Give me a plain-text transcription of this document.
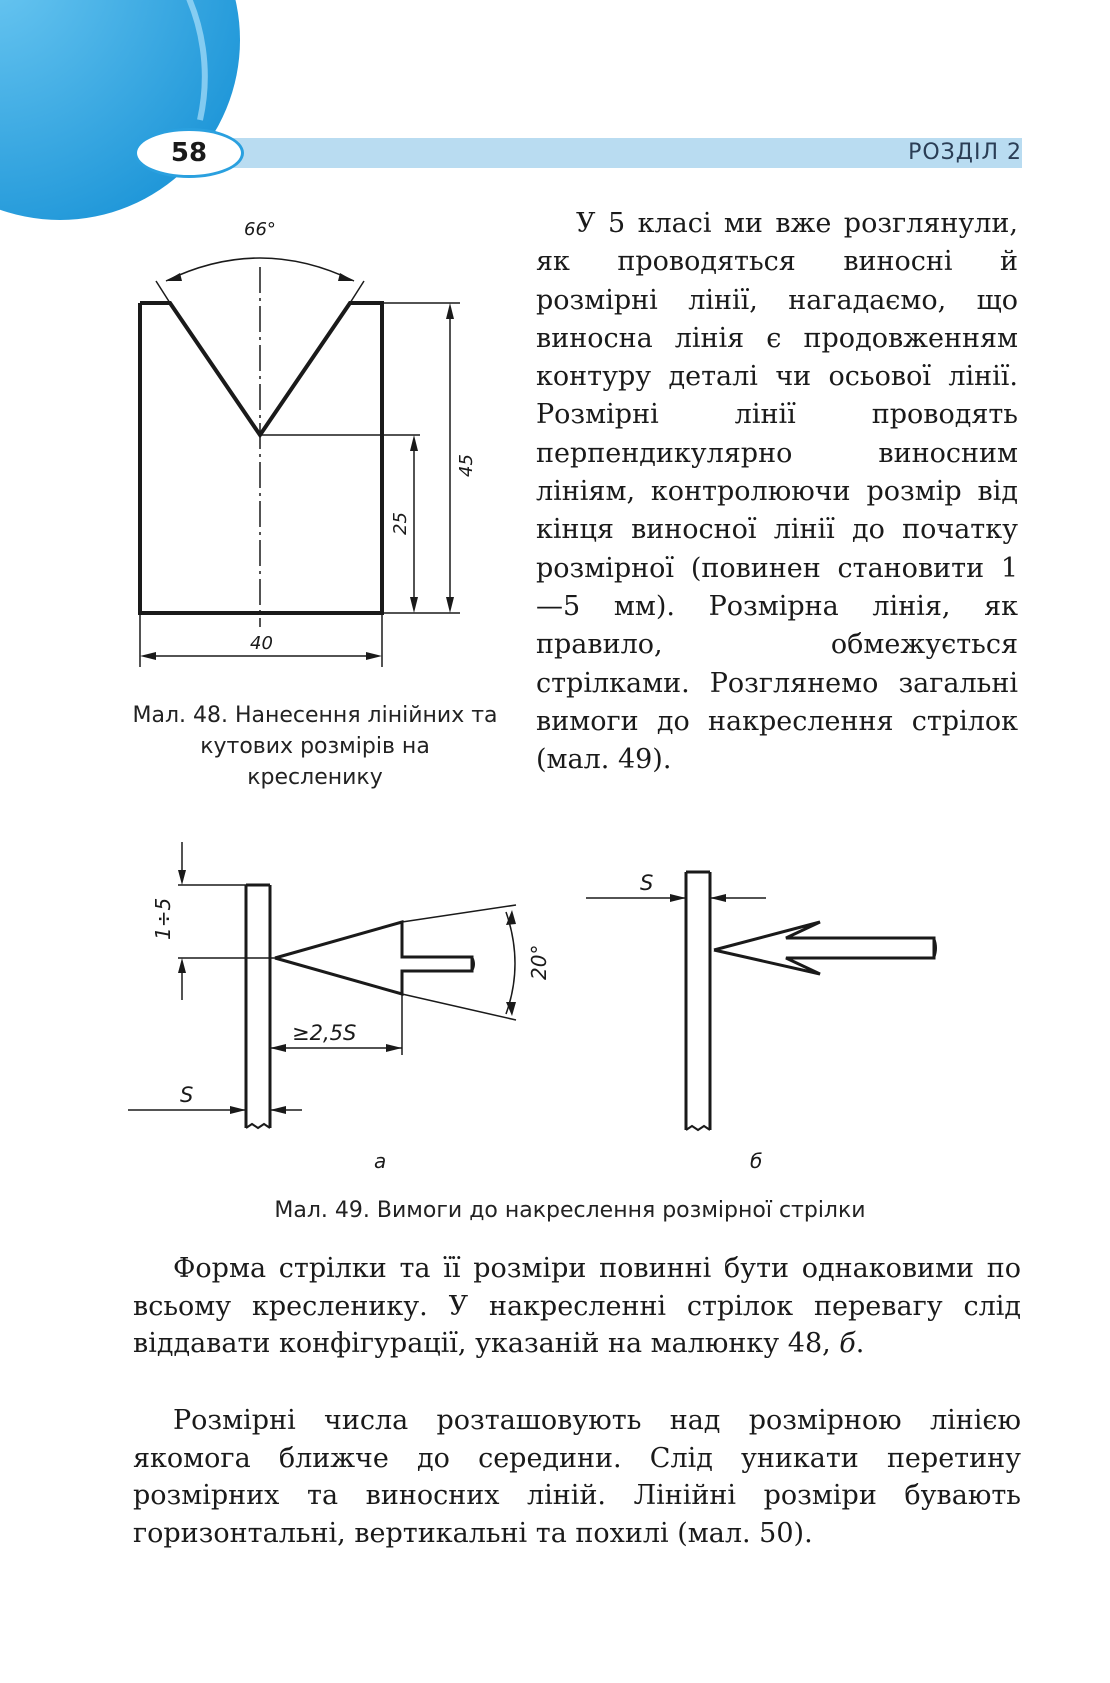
РОЗДІЛ 2
58
66°
45
25
40
Мал. 48. Нанесення лінійних та кутових розмірів на кресленику

У 5 класі ми вже розглянули, як проводяться виносні й розмірні лінії, нагадаємо, що виносна лінія є продовженням контуру деталі чи осьової лінії. Розмірні лінії проводять перпендикулярно виносним лініям, контролюючи розмір від кінця виносної лінії до початку розмірної (повинен становити 1—5 мм). Розмірна лінія, як правило, обмежується стрілками. Розглянемо загальні вимоги до накреслення стрілок (мал. 49).

1÷5
20°
≥2,5S
S
S
а	б
Мал. 49. Вимоги до накреслення розмірної стрілки

Форма стрілки та її розміри повинні бути однаковими по всьому кресленику. У накресленні стрілок перевагу слід віддавати конфігурації, указаній на малюнку 48, б.

Розмірні числа розташовують над розмірною лінією якомога ближче до середини. Слід уникати перетину розмірних та виносних ліній. Лінійні розміри бувають горизонтальні, вертикальні та похилі (мал. 50).
